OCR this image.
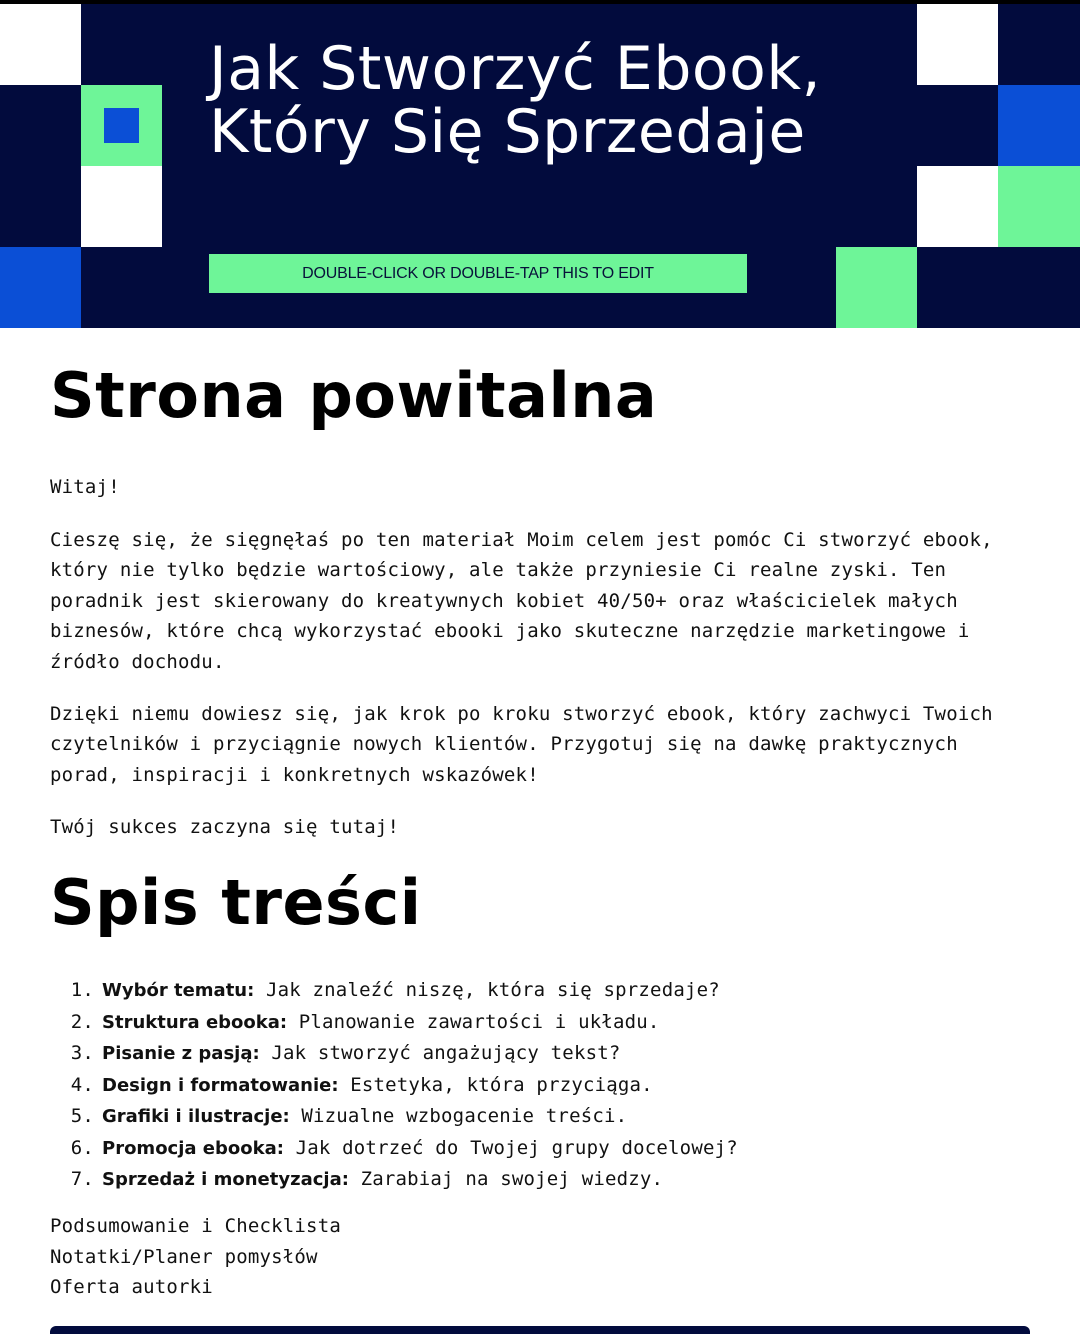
Jak Stworzyć Ebook, Który Się Sprzedaje
DOUBLE-CLICK OR DOUBLE-TAP THIS TO EDIT
Strona powitalna

Witaj!

Cieszę się, że sięgnęłaś po ten materiał Moim celem jest pomóc Ci stworzyć ebook, który nie tylko będzie wartościowy, ale także przyniesie Ci realne zyski. Ten poradnik jest skierowany do kreatywnych kobiet 40/50+ oraz właścicielek małych biznesów, które chcą wykorzystać ebooki jako skuteczne narzędzie marketingowe i źródło dochodu.

Dzięki niemu dowiesz się, jak krok po kroku stworzyć ebook, który zachwyci Twoich czytelników i przyciągnie nowych klientów. Przygotuj się na dawkę praktycznych porad, inspiracji i konkretnych wskazówek!

Twój sukces zaczyna się tutaj!

Spis treści
1. Wybór tematu: Jak znaleźć niszę, która się sprzedaje?
2. Struktura ebooka: Planowanie zawartości i układu.
3. Pisanie z pasją: Jak stworzyć angażujący tekst?
4. Design i formatowanie: Estetyka, która przyciąga.
5. Grafiki i ilustracje: Wizualne wzbogacenie treści.
6. Promocja ebooka: Jak dotrzeć do Twojej grupy docelowej?
7. Sprzedaż i monetyzacja: Zarabiaj na swojej wiedzy.
Podsumowanie i Checklista
Notatki/Planer pomysłów
Oferta autorki
